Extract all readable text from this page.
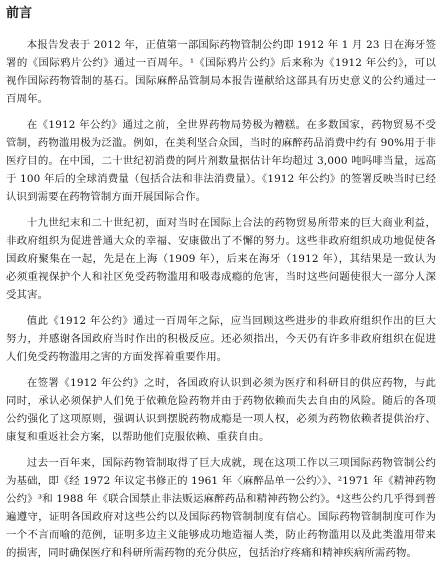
前言

本报告发表于 2012 年，正值第一部国际药物管制公约即 1912 年 1 月 23 日在海牙签署的《国际鸦片公约》通过一百周年。¹《国际鸦片公约》后来称为《1912 年公约》，可以视作国际药物管制的基石。国际麻醉品管制局本报告谨献给这部具有历史意义的公约通过一百周年。

在《1912 年公约》通过之前，全世界药物局势极为糟糕。在多数国家，药物贸易不受管制，药物滥用极为泛滥。例如，在美利坚合众国，当时的麻醉药品消费中约有 90%用于非医疗目的。在中国，二十世纪初消费的阿片剂数量据估计年均超过 3,000 吨吗啡当量，远高于 100 年后的全球消费量（包括合法和非法消费量）。《1912 年公约》的签署反映当时已经认识到需要在药物管制方面开展国际合作。

十九世纪末和二十世纪初，面对当时在国际上合法的药物贸易所带来的巨大商业利益，非政府组织为促进普通大众的幸福、安康做出了不懈的努力。这些非政府组织成功地促使各国政府聚集在一起，先是在上海（1909 年），后来在海牙（1912 年），其结果是一致认为必须重视保护个人和社区免受药物滥用和吸毒成瘾的危害，当时这些问题使很大一部分人深受其害。

值此《1912 年公约》通过一百周年之际，应当回顾这些进步的非政府组织作出的巨大努力，并感谢各国政府当时作出的积极反应。还必须指出，今天仍有许多非政府组织在促进人们免受药物滥用之害的方面发挥着重要作用。

在签署《1912 年公约》之时，各国政府认识到必须为医疗和科研目的供应药物，与此同时，承认必须保护人们免于依赖危险药物并由于药物依赖而失去自由的风险。随后的各项公约强化了这项原则，强调认识到摆脱药物成瘾是一项人权，必须为药物依赖者提供治疗、康复和重返社会方案，以帮助他们克服依赖、重获自由。

过去一百年来，国际药物管制取得了巨大成就，现在这项工作以三项国际药物管制公约为基础，即《经 1972 年议定书修正的 1961 年〈麻醉品单一公约〉》、²1971 年《精神药物公约》³和 1988 年《联合国禁止非法贩运麻醉药品和精神药物公约》。⁴这些公约几乎得到普遍遵守，证明各国政府对这些公约以及国际药物管制制度有信心。国际药物管制制度可作为一个不言而喻的范例，证明多边主义能够成功地造福人类，防止药物滥用以及此类滥用带来的损害，同时确保医疗和科研所需药物的充分供应，包括治疗疼痛和精神疾病所需药物。
